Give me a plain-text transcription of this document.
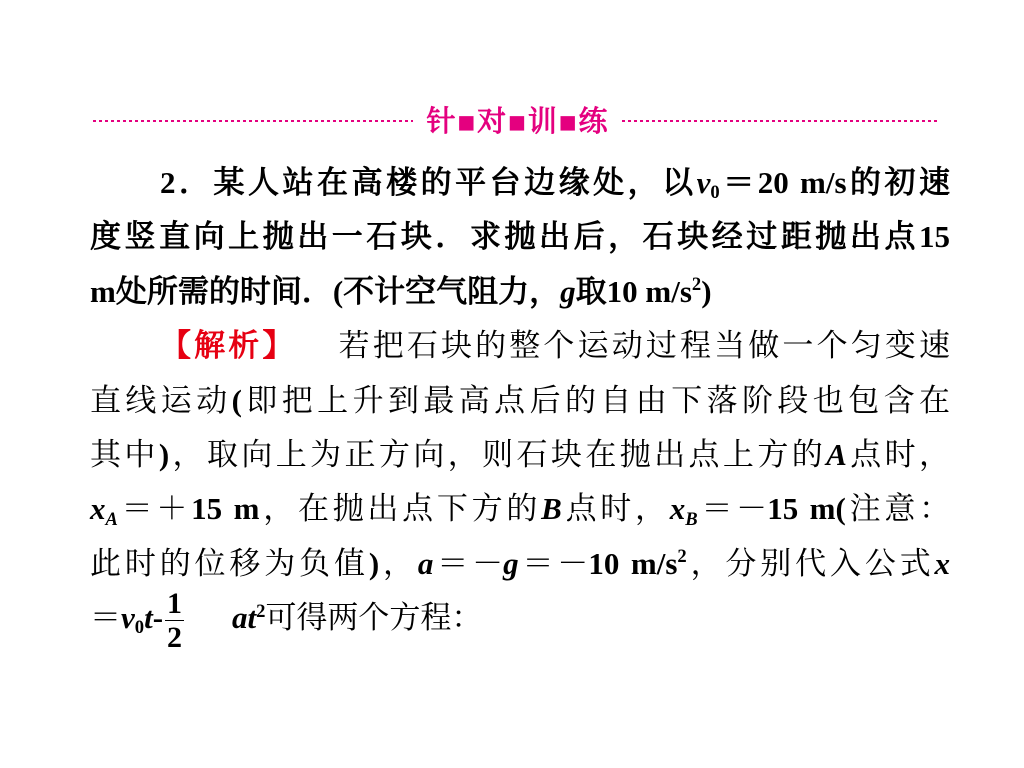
针▪对▪训▪练
2．某人站在高楼的平台边缘处，以v0＝20 m/s的初速
度竖直向上抛出一石块．求抛出后，石块经过距抛出点15
m处所需的时间．(不计空气阻力，g取10 $m/s^2$)
【解析】 若把石块的整个运动过程当做一个匀变速
直线运动(即把上升到最高点后的自由下落阶段也包含在
其中)，取向上为正方向，则石块在抛出点上方的A点时，
xA＝＋15 m，在抛出点下方的B点时，xB＝－15 m(注意：
此时的位移为负值)，a＝－g＝－10 $m/s^2$，分别代入公式x
$=v0t- \frac{1}{2} at^2$可得两个方程：
